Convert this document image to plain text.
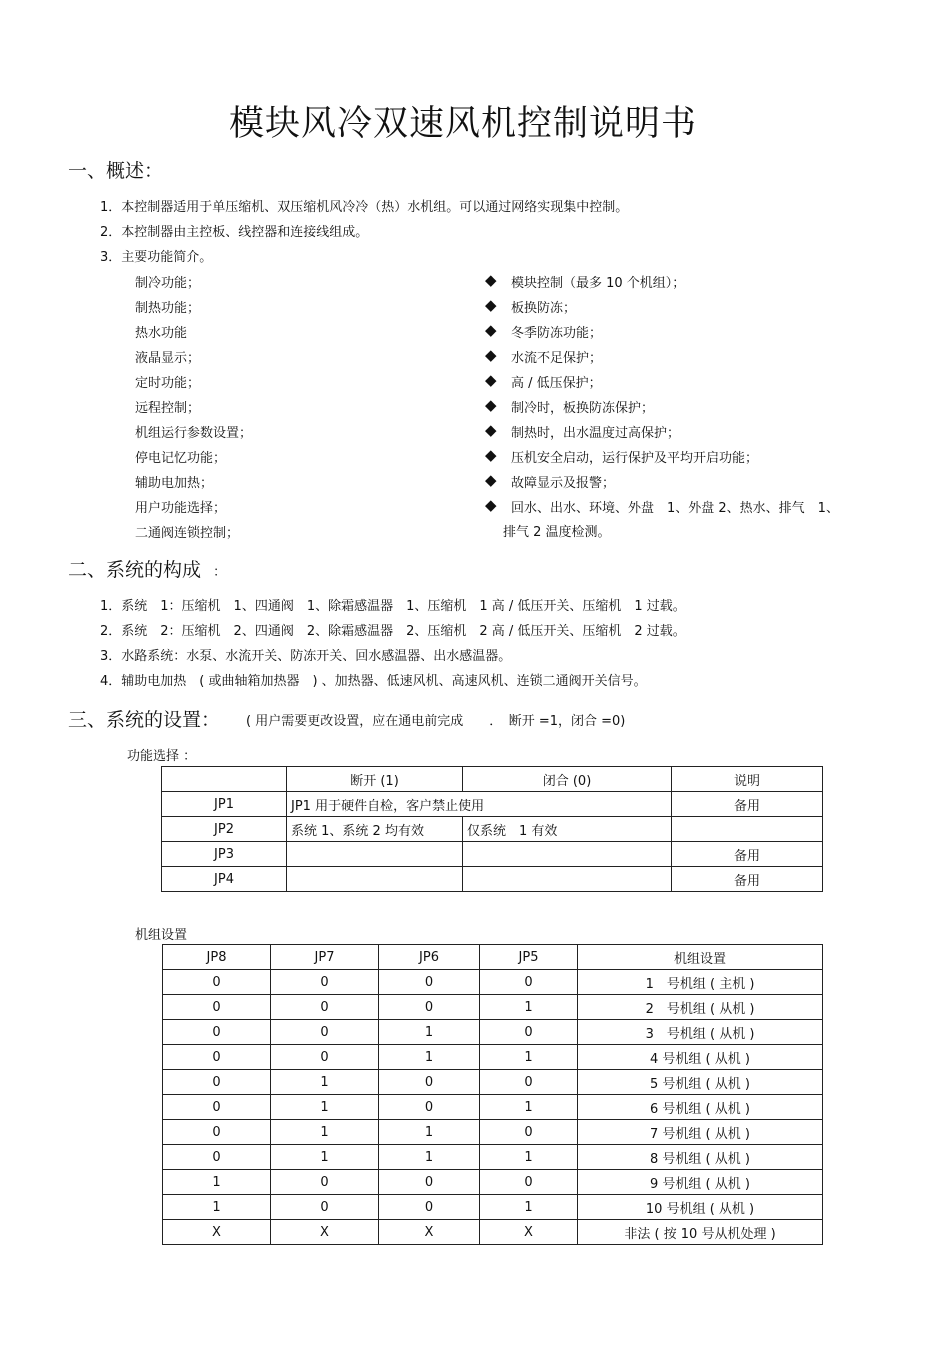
模块风冷双速风机控制说明书
一、概述：
1．本控制器适用于单压缩机、双压缩机风冷冷（热）水机组。可以通过网络实现集中控制。
2．本控制器由主控板、线控器和连接线组成。
3．主要功能简介。
制冷功能；
制热功能；
热水功能
液晶显示；
定时功能；
远程控制；
机组运行参数设置；
停电记忆功能；
辅助电加热；
用户功能选择；
二通阀连锁控制；
◆ 模块控制（最多 10 个机组）；
◆ 板换防冻；
◆ 冬季防冻功能；
◆ 水流不足保护；
◆ 高 / 低压保护；
◆ 制冷时，板换防冻保护；
◆ 制热时，出水温度过高保护；
◆ 压机安全启动，运行保护及平均开启功能；
◆ 故障显示及报警；
◆ 回水、出水、环境、外盘　1、外盘 2、热水、排气　1、
排气 2 温度检测。
二、系统的构成 ：
1．系统　1：压缩机　1、四通阀　1、除霜感温器　1、压缩机　1 高 / 低压开关、压缩机　1 过载。
2．系统　2：压缩机　2、四通阀　2、除霜感温器　2、压缩机　2 高 / 低压开关、压缩机　2 过载。
3．水路系统：水泵、水流开关、防冻开关、回水感温器、出水感温器。
4．辅助电加热　( 或曲轴箱加热器　) 、加热器、低速风机、高速风机、连锁二通阀开关信号。
三、系统的设置： ( 用户需要更改设置，应在通电前完成　　．　断开 =1，闭合 =0)
功能选择 ：
	断开 (1)	闭合 (0)	说明
JP1	JP1 用于硬件自检，客户禁止使用		备用
JP2	系统 1、系统 2 均有效	仅系统　1 有效	
JP3			备用
JP4			备用
机组设置
JP8	JP7	JP6	JP5	机组设置
0	0	0	0	1　号机组 ( 主机 )
0	0	0	1	2　号机组 ( 从机 )
0	0	1	0	3　号机组 ( 从机 )
0	0	1	1	4 号机组 ( 从机 )
0	1	0	0	5 号机组 ( 从机 )
0	1	0	1	6 号机组 ( 从机 )
0	1	1	0	7 号机组 ( 从机 )
0	1	1	1	8 号机组 ( 从机 )
1	0	0	0	9 号机组 ( 从机 )
1	0	0	1	10 号机组 ( 从机 )
X	X	X	X	非法 ( 按 10 号从机处理 )
